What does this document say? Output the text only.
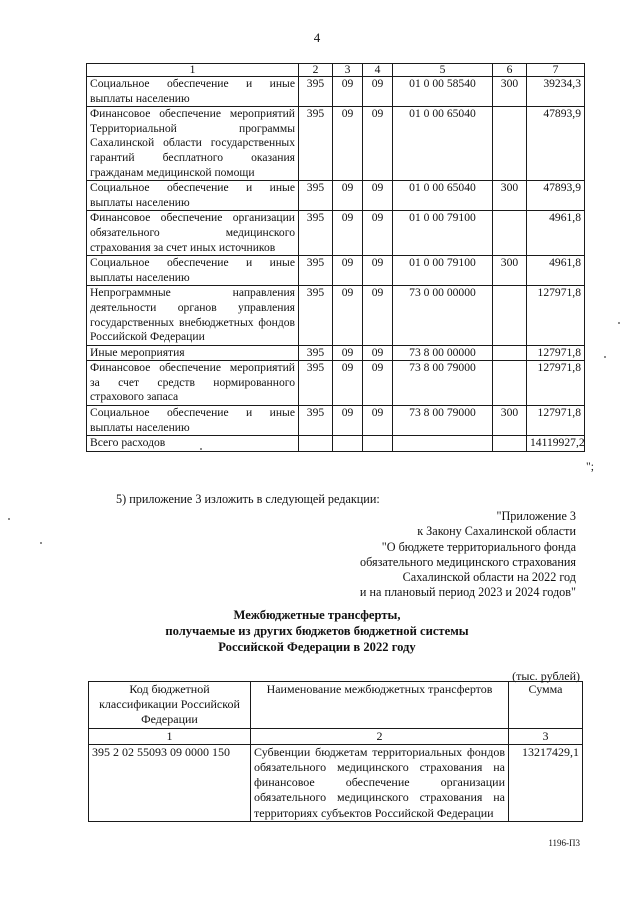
4
1	2	3	4	5	6	7
Социальное обеспечение и иные выплаты населению	395	09	09	01 0 00 58540	300	39234,3
Финансовое обеспечение мероприятий Территориальной программы Сахалинской области государственных гарантий бесплатного оказания гражданам медицинской помощи	395	09	09	01 0 00 65040		47893,9
Социальное обеспечение и иные выплаты населению	395	09	09	01 0 00 65040	300	47893,9
Финансовое обеспечение организации обязательного медицинского страхования за счет иных источников	395	09	09	01 0 00 79100		4961,8
Социальное обеспечение и иные выплаты населению	395	09	09	01 0 00 79100	300	4961,8
Непрограммные направления деятельности органов управления государственных внебюджетных фондов Российской Федерации	395	09	09	73 0 00 00000		127971,8
Иные мероприятия	395	09	09	73 8 00 00000		127971,8
Финансовое обеспечение мероприятий за счет средств нормированного страхового запаса	395	09	09	73 8 00 79000		127971,8
Социальное обеспечение и иные выплаты населению	395	09	09	73 8 00 79000	300	127971,8
Всего расходов						14119927,2
";
5) приложение 3 изложить в следующей редакции:
"Приложение 3
к Закону Сахалинской области
"О бюджете территориального фонда
обязательного медицинского страхования
Сахалинской области на 2022 год
и на плановый период 2023 и 2024 годов"
Межбюджетные трансферты,
получаемые из других бюджетов бюджетной системы
Российской Федерации в 2022 году
(тыс. рублей)
Код бюджетной классификации Российской Федерации	Наименование межбюджетных трансфертов	Сумма
1	2	3
395 2 02 55093 09 0000 150	Субвенции бюджетам территориальных фондов обязательного медицинского страхования на финансовое обеспечение организации обязательного медицинского страхования на территориях субъектов Российской Федерации	13217429,1
1196-П3
